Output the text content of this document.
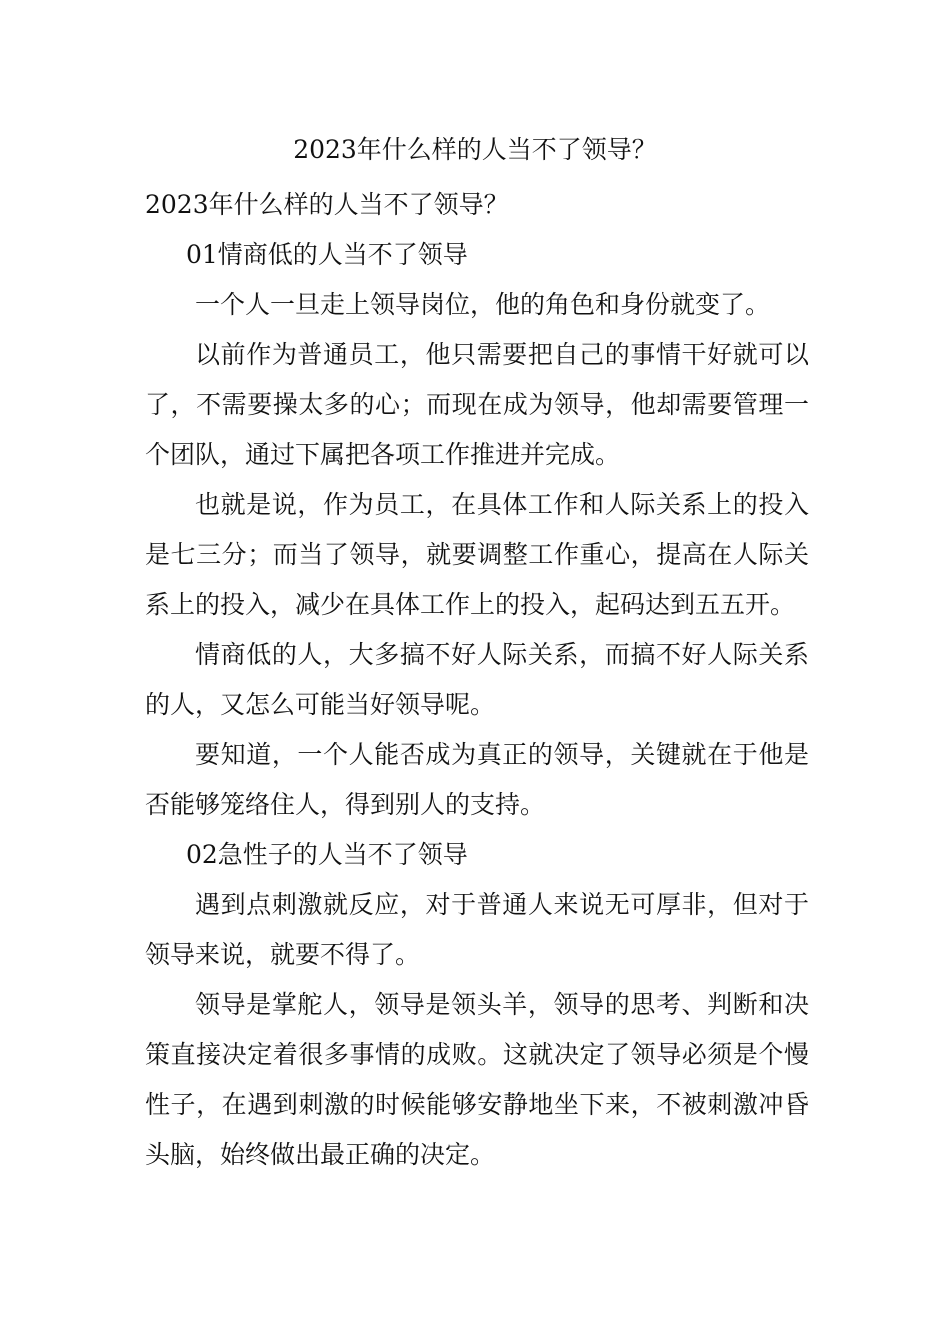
2023年什么样的人当不了领导？

2023年什么样的人当不了领导？

01情商低的人当不了领导

一个人一旦走上领导岗位，他的角色和身份就变了。

以前作为普通员工，他只需要把自己的事情干好就可以了，不需要操太多的心；而现在成为领导，他却需要管理一个团队，通过下属把各项工作推进并完成。

也就是说，作为员工，在具体工作和人际关系上的投入是七三分；而当了领导，就要调整工作重心，提高在人际关系上的投入，减少在具体工作上的投入，起码达到五五开。

情商低的人，大多搞不好人际关系，而搞不好人际关系的人，又怎么可能当好领导呢。

要知道，一个人能否成为真正的领导，关键就在于他是否能够笼络住人，得到别人的支持。

02急性子的人当不了领导

遇到点刺激就反应，对于普通人来说无可厚非，但对于领导来说，就要不得了。

领导是掌舵人，领导是领头羊，领导的思考、判断和决策直接决定着很多事情的成败。这就决定了领导必须是个慢性子，在遇到刺激的时候能够安静地坐下来，不被刺激冲昏头脑，始终做出最正确的决定。
